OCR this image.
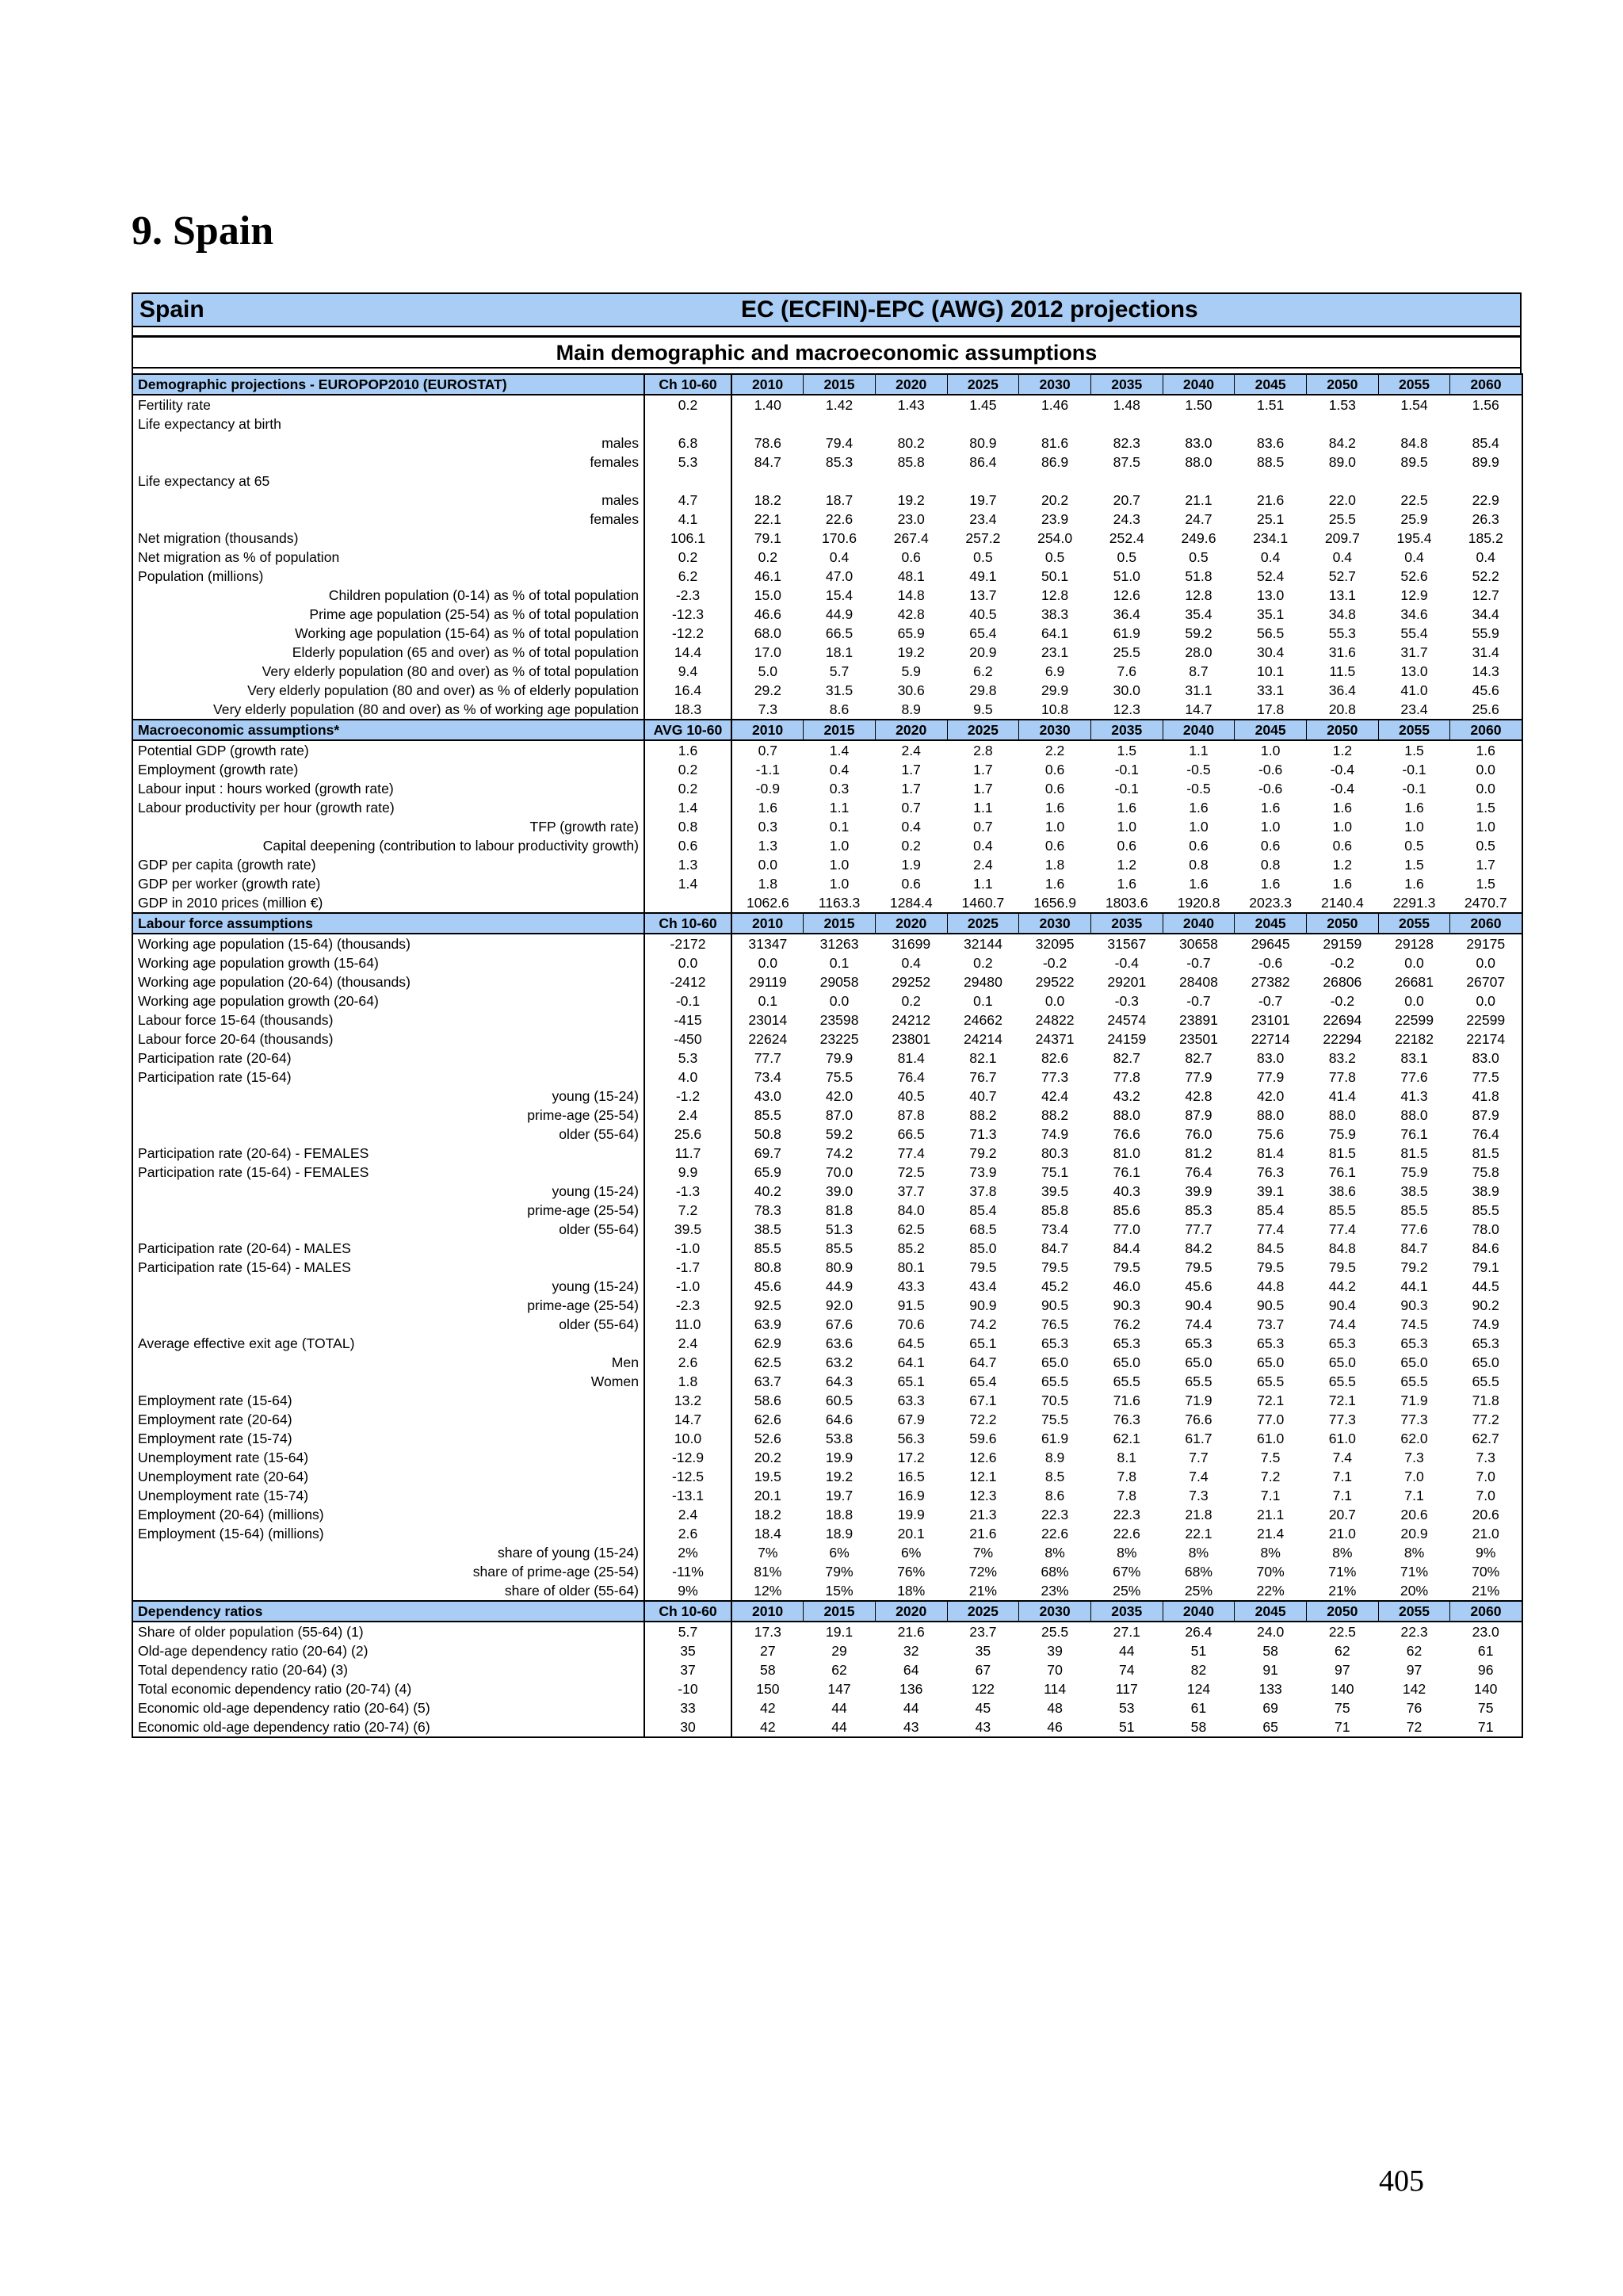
9. Spain
Spain	EC (ECFIN)-EPC (AWG) 2012 projections
Main demographic and macroeconomic assumptions
Demographic projections - EUROPOP2010 (EUROSTAT)	Ch 10-60	2010	2015	2020	2025	2030	2035	2040	2045	2050	2055	2060
Fertility rate	0.2	1.40	1.42	1.43	1.45	1.46	1.48	1.50	1.51	1.53	1.54	1.56
Life expectancy at birth												
males	6.8	78.6	79.4	80.2	80.9	81.6	82.3	83.0	83.6	84.2	84.8	85.4
females	5.3	84.7	85.3	85.8	86.4	86.9	87.5	88.0	88.5	89.0	89.5	89.9
Life expectancy at 65												
males	4.7	18.2	18.7	19.2	19.7	20.2	20.7	21.1	21.6	22.0	22.5	22.9
females	4.1	22.1	22.6	23.0	23.4	23.9	24.3	24.7	25.1	25.5	25.9	26.3
Net migration (thousands)	106.1	79.1	170.6	267.4	257.2	254.0	252.4	249.6	234.1	209.7	195.4	185.2
Net migration as % of population	0.2	0.2	0.4	0.6	0.5	0.5	0.5	0.5	0.4	0.4	0.4	0.4
Population (millions)	6.2	46.1	47.0	48.1	49.1	50.1	51.0	51.8	52.4	52.7	52.6	52.2
Children population (0-14) as % of total population	-2.3	15.0	15.4	14.8	13.7	12.8	12.6	12.8	13.0	13.1	12.9	12.7
Prime age population (25-54) as % of total population	-12.3	46.6	44.9	42.8	40.5	38.3	36.4	35.4	35.1	34.8	34.6	34.4
Working age population (15-64) as % of total population	-12.2	68.0	66.5	65.9	65.4	64.1	61.9	59.2	56.5	55.3	55.4	55.9
Elderly population (65 and over) as % of total population	14.4	17.0	18.1	19.2	20.9	23.1	25.5	28.0	30.4	31.6	31.7	31.4
Very elderly population (80 and over) as % of total population	9.4	5.0	5.7	5.9	6.2	6.9	7.6	8.7	10.1	11.5	13.0	14.3
Very elderly population (80 and over) as % of elderly population	16.4	29.2	31.5	30.6	29.8	29.9	30.0	31.1	33.1	36.4	41.0	45.6
Very elderly population (80 and over) as % of working age population	18.3	7.3	8.6	8.9	9.5	10.8	12.3	14.7	17.8	20.8	23.4	25.6
Macroeconomic assumptions*	AVG 10-60	2010	2015	2020	2025	2030	2035	2040	2045	2050	2055	2060
Potential GDP (growth rate)	1.6	0.7	1.4	2.4	2.8	2.2	1.5	1.1	1.0	1.2	1.5	1.6
Employment (growth rate)	0.2	-1.1	0.4	1.7	1.7	0.6	-0.1	-0.5	-0.6	-0.4	-0.1	0.0
Labour input : hours worked (growth rate)	0.2	-0.9	0.3	1.7	1.7	0.6	-0.1	-0.5	-0.6	-0.4	-0.1	0.0
Labour productivity per hour (growth rate)	1.4	1.6	1.1	0.7	1.1	1.6	1.6	1.6	1.6	1.6	1.6	1.5
TFP (growth rate)	0.8	0.3	0.1	0.4	0.7	1.0	1.0	1.0	1.0	1.0	1.0	1.0
Capital deepening (contribution to labour productivity growth)	0.6	1.3	1.0	0.2	0.4	0.6	0.6	0.6	0.6	0.6	0.5	0.5
GDP per capita (growth rate)	1.3	0.0	1.0	1.9	2.4	1.8	1.2	0.8	0.8	1.2	1.5	1.7
GDP per worker (growth rate)	1.4	1.8	1.0	0.6	1.1	1.6	1.6	1.6	1.6	1.6	1.6	1.5
GDP in 2010 prices (million €)		1062.6	1163.3	1284.4	1460.7	1656.9	1803.6	1920.8	2023.3	2140.4	2291.3	2470.7
Labour force assumptions	Ch 10-60	2010	2015	2020	2025	2030	2035	2040	2045	2050	2055	2060
Working age population (15-64) (thousands)	-2172	31347	31263	31699	32144	32095	31567	30658	29645	29159	29128	29175
Working age population growth (15-64)	0.0	0.0	0.1	0.4	0.2	-0.2	-0.4	-0.7	-0.6	-0.2	0.0	0.0
Working age population (20-64) (thousands)	-2412	29119	29058	29252	29480	29522	29201	28408	27382	26806	26681	26707
Working age population growth (20-64)	-0.1	0.1	0.0	0.2	0.1	0.0	-0.3	-0.7	-0.7	-0.2	0.0	0.0
Labour force 15-64 (thousands)	-415	23014	23598	24212	24662	24822	24574	23891	23101	22694	22599	22599
Labour force 20-64 (thousands)	-450	22624	23225	23801	24214	24371	24159	23501	22714	22294	22182	22174
Participation rate (20-64)	5.3	77.7	79.9	81.4	82.1	82.6	82.7	82.7	83.0	83.2	83.1	83.0
Participation rate (15-64)	4.0	73.4	75.5	76.4	76.7	77.3	77.8	77.9	77.9	77.8	77.6	77.5
young (15-24)	-1.2	43.0	42.0	40.5	40.7	42.4	43.2	42.8	42.0	41.4	41.3	41.8
prime-age (25-54)	2.4	85.5	87.0	87.8	88.2	88.2	88.0	87.9	88.0	88.0	88.0	87.9
older (55-64)	25.6	50.8	59.2	66.5	71.3	74.9	76.6	76.0	75.6	75.9	76.1	76.4
Participation rate (20-64) - FEMALES	11.7	69.7	74.2	77.4	79.2	80.3	81.0	81.2	81.4	81.5	81.5	81.5
Participation rate (15-64) - FEMALES	9.9	65.9	70.0	72.5	73.9	75.1	76.1	76.4	76.3	76.1	75.9	75.8
young (15-24)	-1.3	40.2	39.0	37.7	37.8	39.5	40.3	39.9	39.1	38.6	38.5	38.9
prime-age (25-54)	7.2	78.3	81.8	84.0	85.4	85.8	85.6	85.3	85.4	85.5	85.5	85.5
older (55-64)	39.5	38.5	51.3	62.5	68.5	73.4	77.0	77.7	77.4	77.4	77.6	78.0
Participation rate (20-64) - MALES	-1.0	85.5	85.5	85.2	85.0	84.7	84.4	84.2	84.5	84.8	84.7	84.6
Participation rate (15-64) - MALES	-1.7	80.8	80.9	80.1	79.5	79.5	79.5	79.5	79.5	79.5	79.2	79.1
young (15-24)	-1.0	45.6	44.9	43.3	43.4	45.2	46.0	45.6	44.8	44.2	44.1	44.5
prime-age (25-54)	-2.3	92.5	92.0	91.5	90.9	90.5	90.3	90.4	90.5	90.4	90.3	90.2
older (55-64)	11.0	63.9	67.6	70.6	74.2	76.5	76.2	74.4	73.7	74.4	74.5	74.9
Average effective exit age (TOTAL)	2.4	62.9	63.6	64.5	65.1	65.3	65.3	65.3	65.3	65.3	65.3	65.3
Men	2.6	62.5	63.2	64.1	64.7	65.0	65.0	65.0	65.0	65.0	65.0	65.0
Women	1.8	63.7	64.3	65.1	65.4	65.5	65.5	65.5	65.5	65.5	65.5	65.5
Employment rate (15-64)	13.2	58.6	60.5	63.3	67.1	70.5	71.6	71.9	72.1	72.1	71.9	71.8
Employment rate (20-64)	14.7	62.6	64.6	67.9	72.2	75.5	76.3	76.6	77.0	77.3	77.3	77.2
Employment rate (15-74)	10.0	52.6	53.8	56.3	59.6	61.9	62.1	61.7	61.0	61.0	62.0	62.7
Unemployment rate (15-64)	-12.9	20.2	19.9	17.2	12.6	8.9	8.1	7.7	7.5	7.4	7.3	7.3
Unemployment rate (20-64)	-12.5	19.5	19.2	16.5	12.1	8.5	7.8	7.4	7.2	7.1	7.0	7.0
Unemployment rate (15-74)	-13.1	20.1	19.7	16.9	12.3	8.6	7.8	7.3	7.1	7.1	7.1	7.0
Employment (20-64) (millions)	2.4	18.2	18.8	19.9	21.3	22.3	22.3	21.8	21.1	20.7	20.6	20.6
Employment (15-64) (millions)	2.6	18.4	18.9	20.1	21.6	22.6	22.6	22.1	21.4	21.0	20.9	21.0
share of young (15-24)	2%	7%	6%	6%	7%	8%	8%	8%	8%	8%	8%	9%
share of prime-age (25-54)	-11%	81%	79%	76%	72%	68%	67%	68%	70%	71%	71%	70%
share of older (55-64)	9%	12%	15%	18%	21%	23%	25%	25%	22%	21%	20%	21%
Dependency ratios	Ch 10-60	2010	2015	2020	2025	2030	2035	2040	2045	2050	2055	2060
Share of older population (55-64) (1)	5.7	17.3	19.1	21.6	23.7	25.5	27.1	26.4	24.0	22.5	22.3	23.0
Old-age dependency ratio (20-64) (2)	35	27	29	32	35	39	44	51	58	62	62	61
Total dependency ratio (20-64) (3)	37	58	62	64	67	70	74	82	91	97	97	96
Total economic dependency ratio (20-74) (4)	-10	150	147	136	122	114	117	124	133	140	142	140
Economic old-age dependency ratio (20-64) (5)	33	42	44	44	45	48	53	61	69	75	76	75
Economic old-age dependency ratio (20-74) (6)	30	42	44	43	43	46	51	58	65	71	72	71
405
